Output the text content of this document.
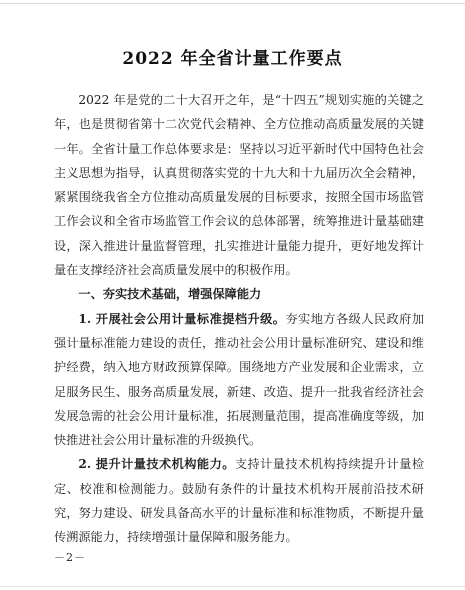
2022 年全省计量工作要点

2022 年是党的二十大召开之年，是“十四五”规划实施的关键之年，也是贯彻省第十二次党代会精神、全方位推动高质量发展的关键一年。全省计量工作总体要求是：坚持以习近平新时代中国特色社会主义思想为指导，认真贯彻落实党的十九大和十九届历次全会精神，紧紧围绕我省全方位推动高质量发展的目标要求，按照全国市场监管工作会议和全省市场监管工作会议的总体部署，统筹推进计量基础建设，深入推进计量监督管理，扎实推进计量能力提升，更好地发挥计量在支撑经济社会高质量发展中的积极作用。

一、夯实技术基础，增强保障能力

1. 开展社会公用计量标准提档升级。夯实地方各级人民政府加强计量标准能力建设的责任，推动社会公用计量标准研究、建设和维护经费，纳入地方财政预算保障。围绕地方产业发展和企业需求，立足服务民生、服务高质量发展，新建、改造、提升一批我省经济社会发展急需的社会公用计量标准，拓展测量范围，提高准确度等级，加快推进社会公用计量标准的升级换代。

2. 提升计量技术机构能力。支持计量技术机构持续提升计量检定、校准和检测能力。鼓励有条件的计量技术机构开展前沿技术研究，努力建设、研发具备高水平的计量标准和标准物质，不断提升量传溯源能力，持续增强计量保障和服务能力。

－2－
